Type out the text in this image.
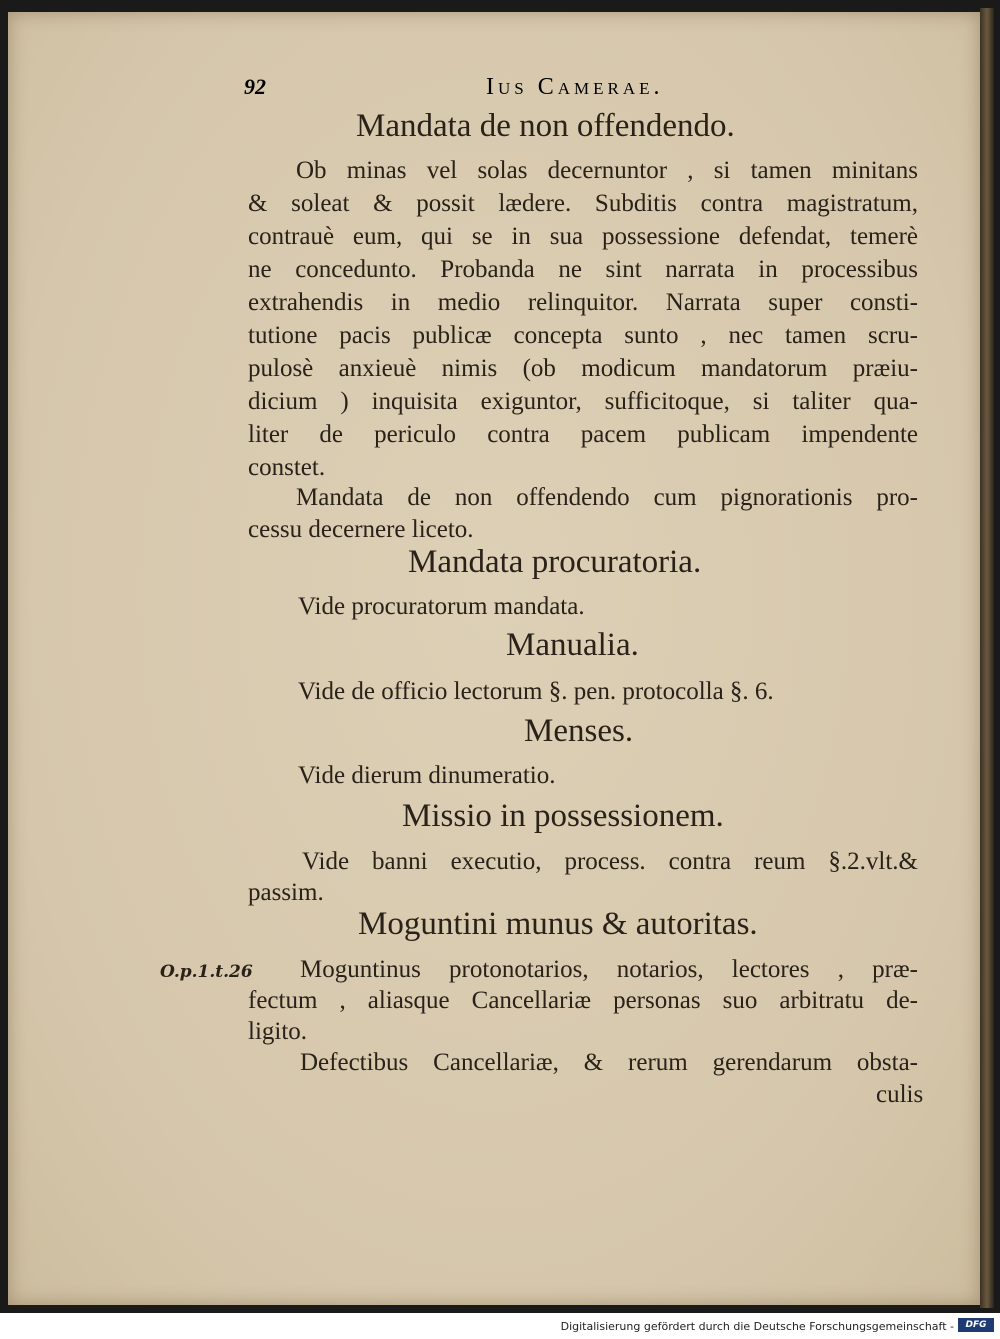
92	Ius Camerae.
Mandata de non offendendo.
Ob minas vel solas decernuntor , si tamen minitans
& soleat & possit lædere. Subditis contra magistratum,
contrauè eum, qui se in sua possessione defendat, temerè
ne concedunto. Probanda ne sint narrata in processibus
extrahendis in medio relinquitor. Narrata super consti-
tutione pacis publicæ concepta sunto , nec tamen scru-
pulosè anxieuè nimis (ob modicum mandatorum præiu-
dicium ) inquisita exiguntor, sufficitoque, si taliter qua-
liter de periculo contra pacem publicam impendente
constet.
Mandata de non offendendo cum pignorationis pro-
cessu decernere liceto.
Mandata procuratoria.
Vide procuratorum mandata.
Manualia.
Vide de officio lectorum §. pen. protocolla §. 6.
Menses.
Vide dierum dinumeratio.
Missio in possessionem.
Vide banni executio, process. contra reum §.2.vlt.&
passim.
Moguntini munus & autoritas.
O.p.1.t.26 Moguntinus protonotarios, notarios, lectores , præ-
fectum , aliasque Cancellariæ personas suo arbitratu de-
ligito.
Defectibus Cancellariæ, & rerum gerendarum obsta-
culis
Digitalisierung gefördert durch die Deutsche Forschungsgemeinschaft -	DFG
